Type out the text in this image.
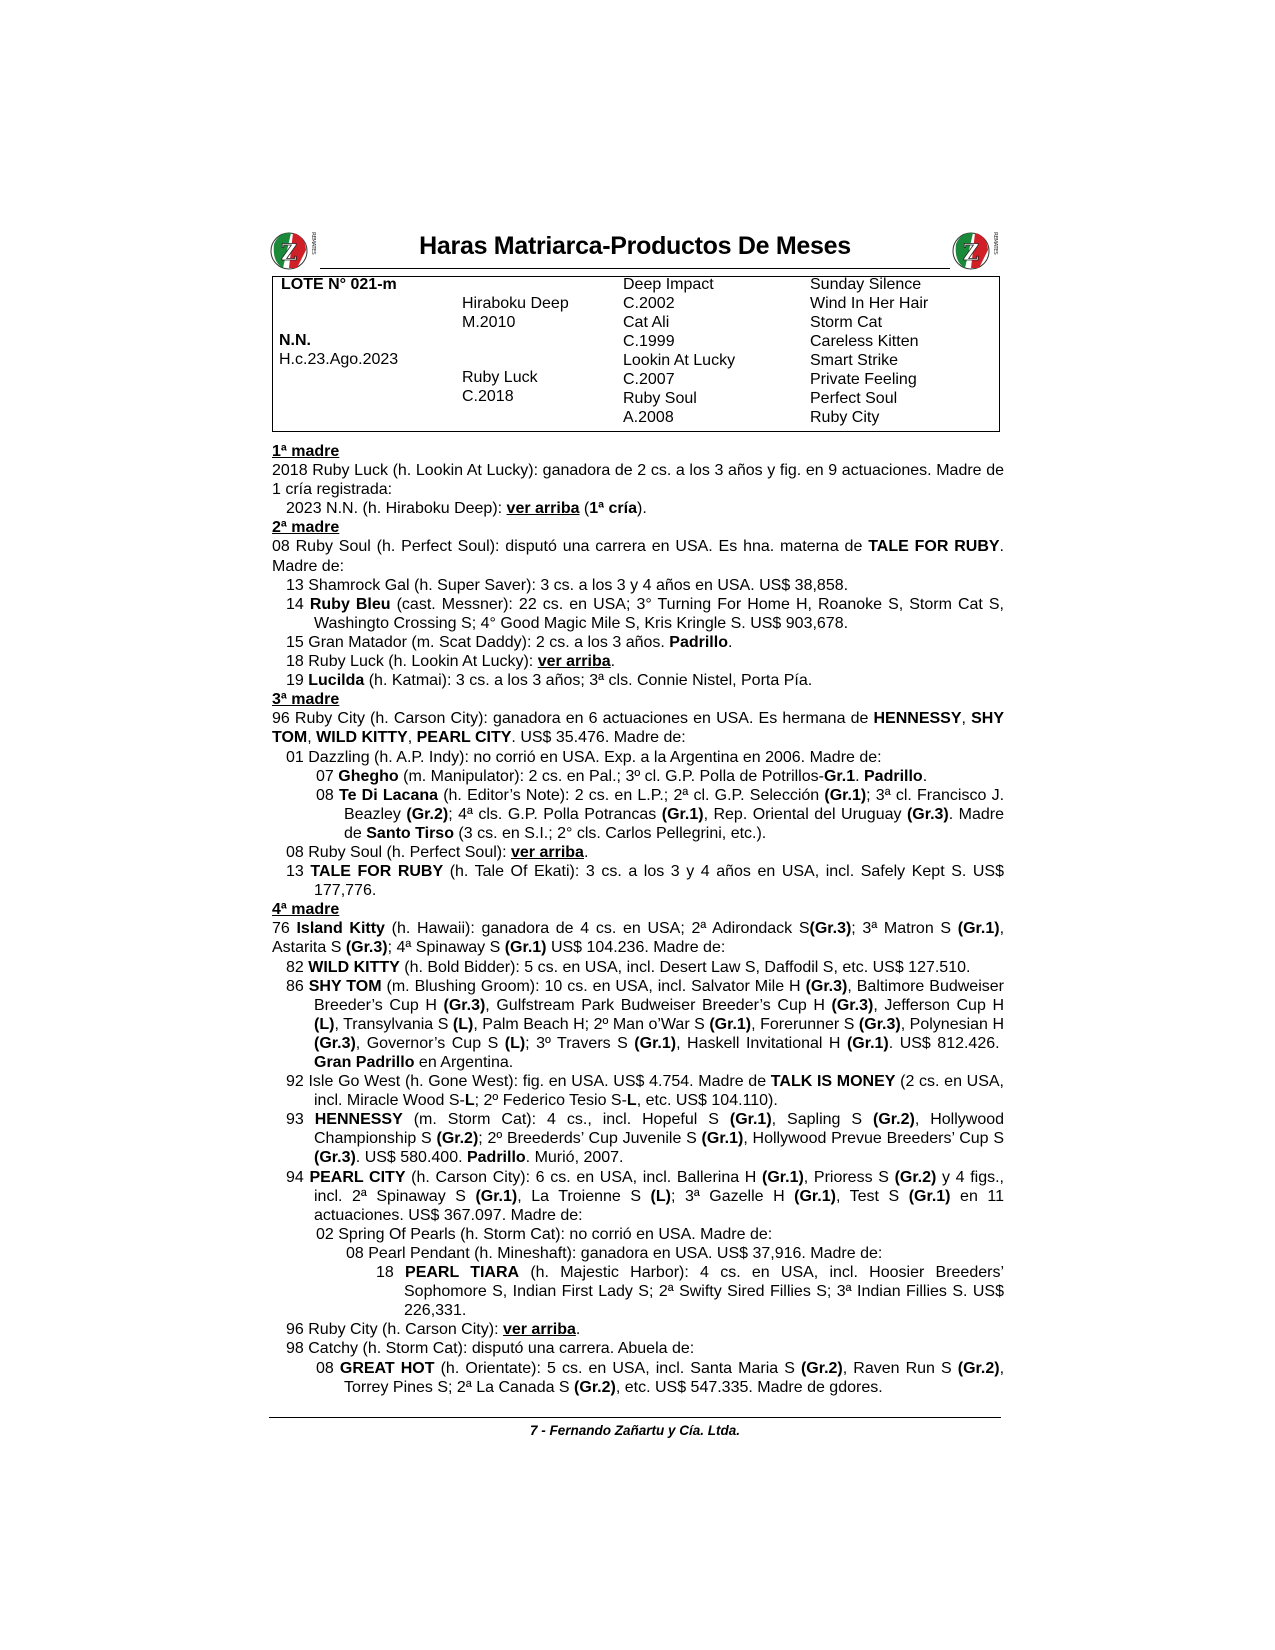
Z REMATES	Z REMATES
Haras Matriarca-Productos De Meses
LOTE N° 021-m
N.N.
H.c.23.Ago.2023
Hiraboku Deep
M.2010
Ruby Luck
C.2018
Deep Impact
C.2002
Cat Ali
C.1999
Lookin At Lucky
C.2007
Ruby Soul
A.2008
Sunday Silence
Wind In Her Hair
Storm Cat
Careless Kitten
Smart Strike
Private Feeling
Perfect Soul
Ruby City
1ª madre
2018 Ruby Luck (h. Lookin At Lucky): ganadora de 2 cs. a los 3 años y fig. en 9 actuaciones. Madre de 1 cría registrada:
2023 N.N. (h. Hiraboku Deep): ver arriba (1ª cría).
2ª madre
08 Ruby Soul (h. Perfect Soul): disputó una carrera en USA. Es hna. materna de TALE FOR RUBY. Madre de:
13 Shamrock Gal (h. Super Saver): 3 cs. a los 3 y 4 años en USA. US$ 38,858.
14 Ruby Bleu (cast. Messner): 22 cs. en USA; 3° Turning For Home H, Roanoke S, Storm Cat S, Washingto Crossing S; 4° Good Magic Mile S, Kris Kringle S. US$ 903,678.
15 Gran Matador (m. Scat Daddy): 2 cs. a los 3 años. Padrillo.
18 Ruby Luck (h. Lookin At Lucky): ver arriba.
19 Lucilda (h. Katmai): 3 cs. a los 3 años; 3ª cls. Connie Nistel, Porta Pía.
3ª madre
96 Ruby City (h. Carson City): ganadora en 6 actuaciones en USA. Es hermana de HENNESSY, SHY TOM, WILD KITTY, PEARL CITY. US$ 35.476. Madre de:
01 Dazzling (h. A.P. Indy): no corrió en USA. Exp. a la Argentina en 2006. Madre de:
07 Ghegho (m. Manipulator): 2 cs. en Pal.; 3º cl. G.P. Polla de Potrillos-Gr.1. Padrillo.
08 Te Di Lacana (h. Editor’s Note): 2 cs. en L.P.; 2ª cl. G.P. Selección (Gr.1); 3ª cl. Francisco J. Beazley (Gr.2); 4ª cls. G.P. Polla Potrancas (Gr.1), Rep. Oriental del Uruguay (Gr.3). Madre de Santo Tirso (3 cs. en S.I.; 2° cls. Carlos Pellegrini, etc.).
08 Ruby Soul (h. Perfect Soul): ver arriba.
13 TALE FOR RUBY (h. Tale Of Ekati): 3 cs. a los 3 y 4 años en USA, incl. Safely Kept S. US$ 177,776.
4ª madre
76 Island Kitty (h. Hawaii): ganadora de 4 cs. en USA; 2ª Adirondack S(Gr.3); 3ª Matron S (Gr.1), Astarita S (Gr.3); 4ª Spinaway S (Gr.1) US$ 104.236. Madre de:
82 WILD KITTY (h. Bold Bidder): 5 cs. en USA, incl. Desert Law S, Daffodil S, etc. US$ 127.510.
86 SHY TOM (m. Blushing Groom): 10 cs. en USA, incl. Salvator Mile H (Gr.3), Baltimore Budweiser Breeder’s Cup H (Gr.3), Gulfstream Park Budweiser Breeder’s Cup H (Gr.3), Jefferson Cup H (L), Transylvania S (L), Palm Beach H; 2º Man o’War S (Gr.1), Forerunner S (Gr.3), Polynesian H (Gr.3), Governor’s Cup S (L); 3º Travers S (Gr.1), Haskell Invitational H (Gr.1). US$ 812.426.  Gran Padrillo en Argentina.
92 Isle Go West (h. Gone West): fig. en USA. US$ 4.754. Madre de TALK IS MONEY (2 cs. en USA, incl. Miracle Wood S-L; 2º Federico Tesio S-L, etc. US$ 104.110).
93 HENNESSY (m. Storm Cat): 4 cs., incl. Hopeful S (Gr.1), Sapling S (Gr.2), Hollywood Championship S (Gr.2); 2º Breederds’ Cup Juvenile S (Gr.1), Hollywood Prevue Breeders’ Cup S (Gr.3). US$ 580.400. Padrillo. Murió, 2007.
94 PEARL CITY (h. Carson City): 6 cs. en USA, incl. Ballerina H (Gr.1), Prioress S (Gr.2) y 4 figs., incl. 2ª Spinaway S (Gr.1), La Troienne S (L); 3ª Gazelle H (Gr.1), Test S (Gr.1) en 11 actuaciones. US$ 367.097. Madre de:
02 Spring Of Pearls (h. Storm Cat): no corrió en USA. Madre de:
08 Pearl Pendant (h. Mineshaft): ganadora en USA. US$ 37,916. Madre de:
18 PEARL TIARA (h. Majestic Harbor): 4 cs. en USA, incl. Hoosier Breeders’ Sophomore S, Indian First Lady S; 2ª Swifty Sired Fillies S; 3ª Indian Fillies S. US$ 226,331.
96 Ruby City (h. Carson City): ver arriba.
98 Catchy (h. Storm Cat): disputó una carrera. Abuela de:
08 GREAT HOT (h. Orientate): 5 cs. en USA, incl. Santa Maria S (Gr.2), Raven Run S (Gr.2), Torrey Pines S; 2ª La Canada S (Gr.2), etc. US$ 547.335. Madre de gdores.
7 - Fernando Zañartu y Cía. Ltda.
